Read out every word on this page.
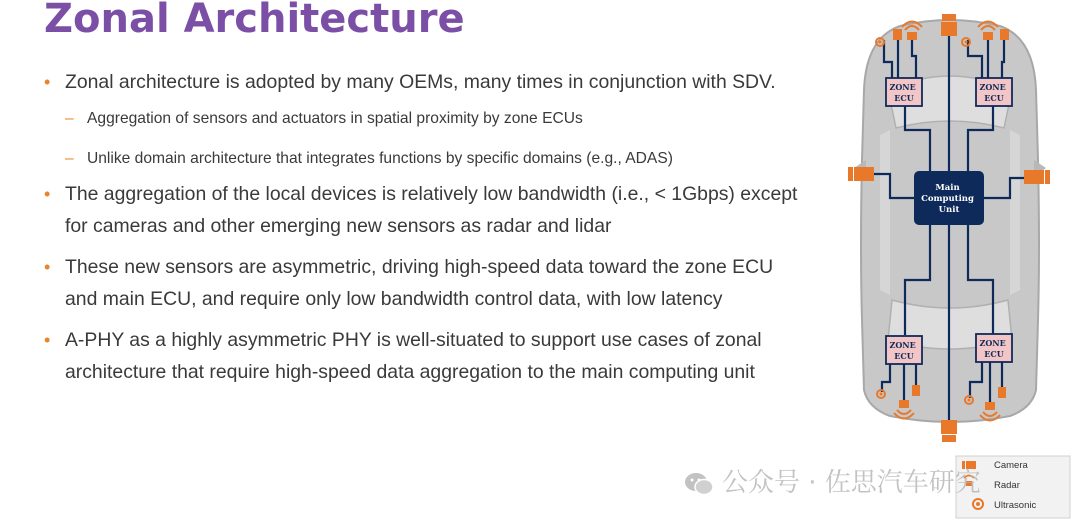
Zonal Architecture

• Zonal architecture is adopted by many OEMs, many times in conjunction with SDV.

– Aggregation of sensors and actuators in spatial proximity by zone ECUs

– Unlike domain architecture that integrates functions by specific domains (e.g., ADAS)

• The aggregation of the local devices is relatively low bandwidth (i.e., < 1Gbps) except for cameras and other emerging new sensors as radar and lidar

• These new sensors are asymmetric, driving high-speed data toward the zone ECU and main ECU, and require only low bandwidth control data, with low latency

• A-PHY as a highly asymmetric PHY is well-situated to support use cases of zonal architecture that require high-speed data aggregation to the main computing unit

Main Computing Unit
ZONE ECU
ZONE ECU
ZONE ECU
ZONE ECU
Camera
Radar
Ultrasonic
公众号 · 佐思汽车研究
